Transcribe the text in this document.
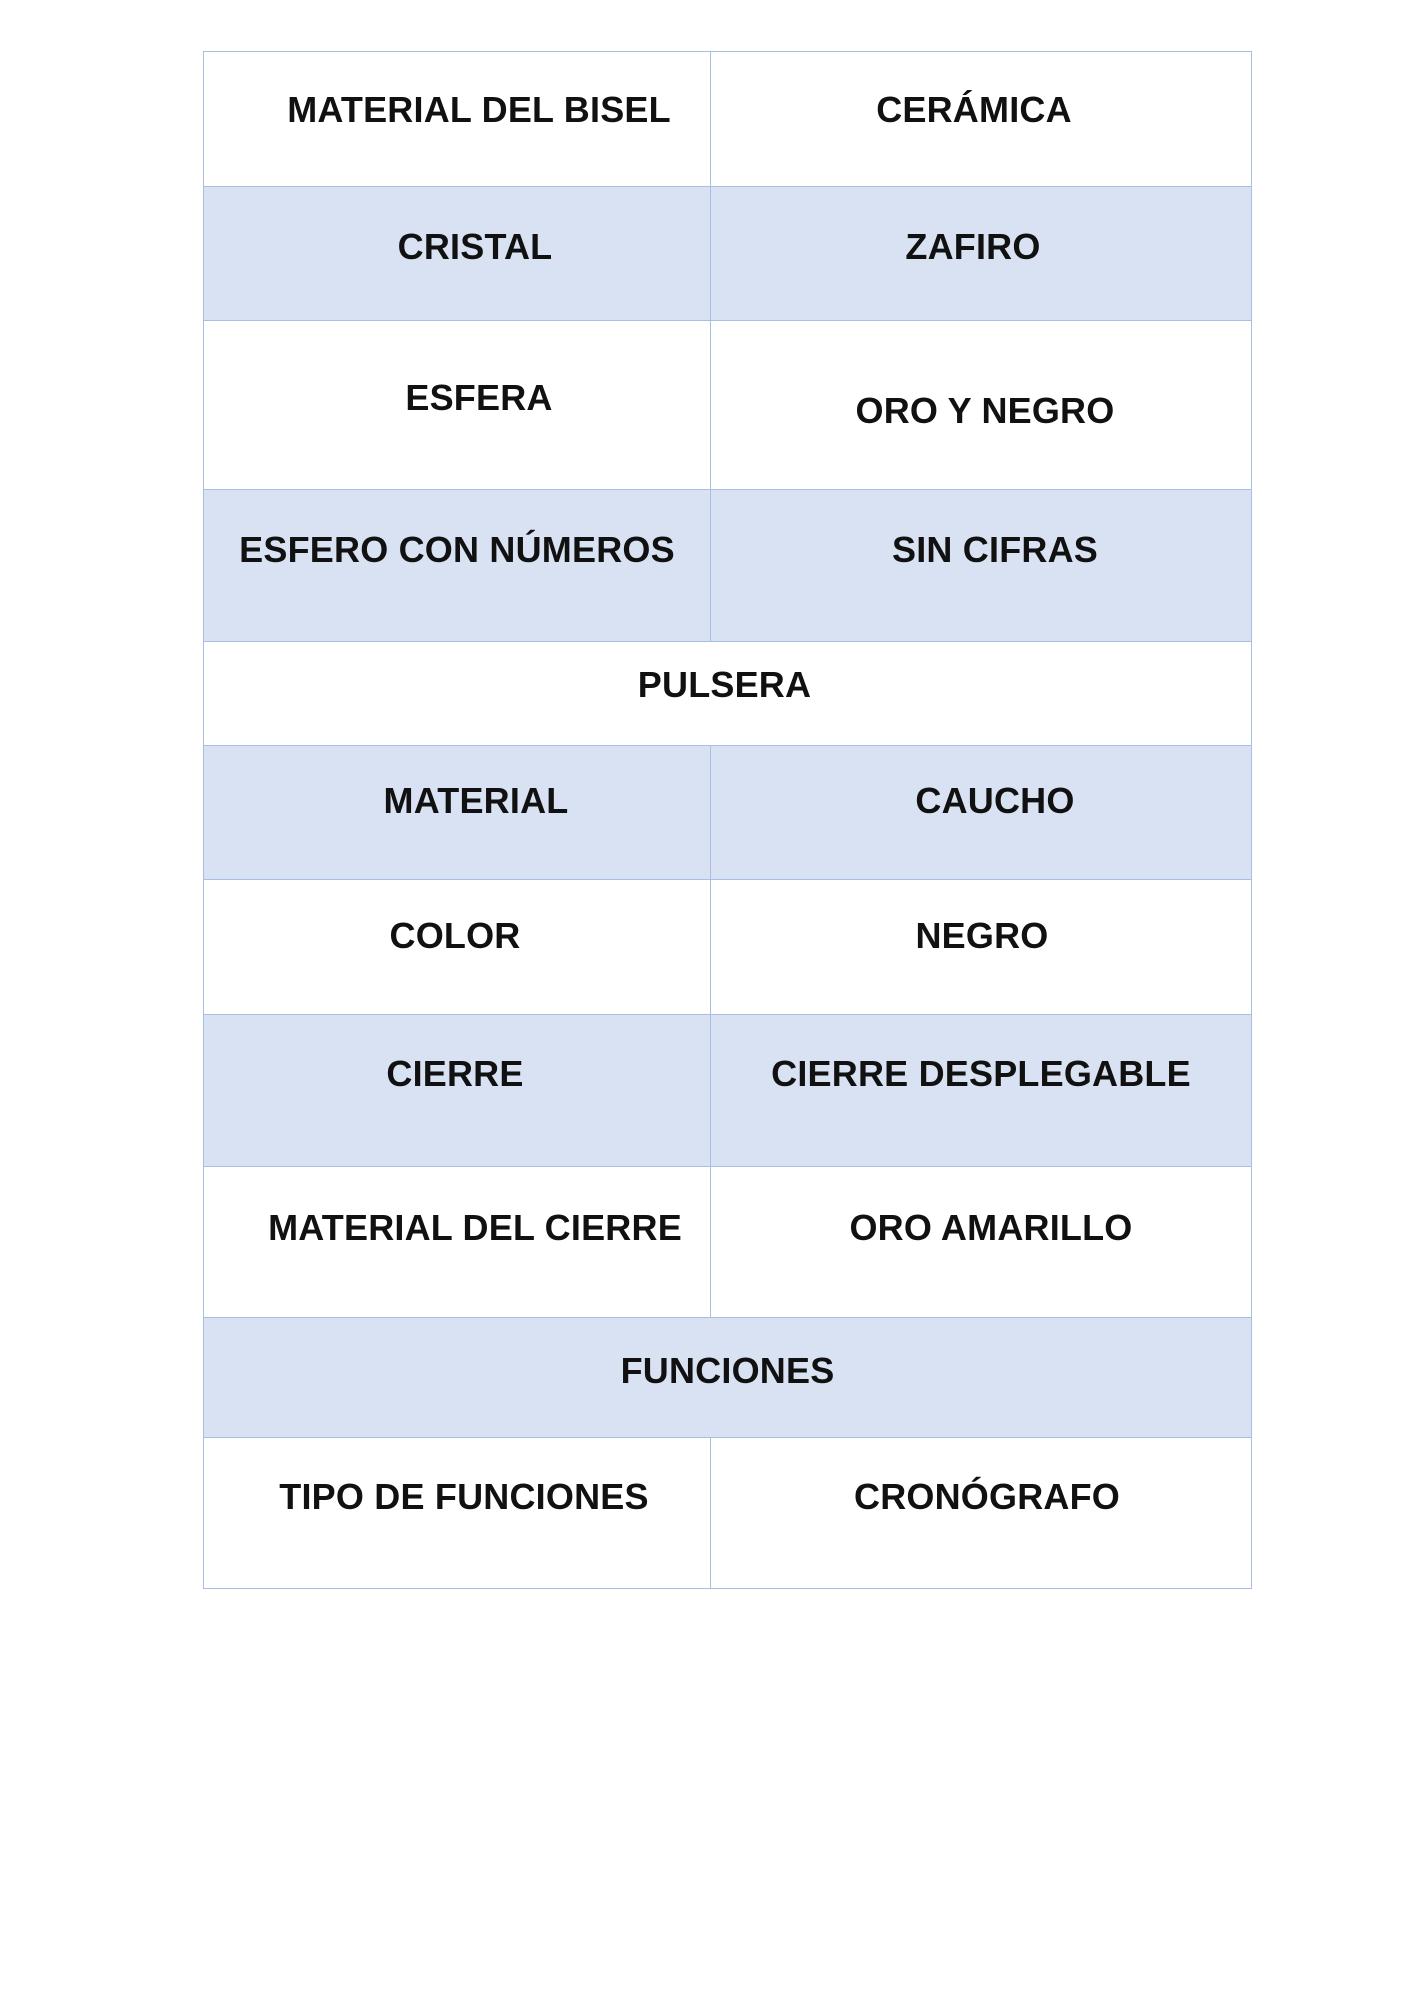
MATERIAL DEL BISEL	CERÁMICA
CRISTAL	ZAFIRO
ESFERA	ORO Y NEGRO
ESFERO CON NÚMEROS	SIN CIFRAS
PULSERA	
MATERIAL	CAUCHO
COLOR	NEGRO
CIERRE	CIERRE DESPLEGABLE
MATERIAL DEL CIERRE	ORO AMARILLO
FUNCIONES	
TIPO DE FUNCIONES	CRONÓGRAFO
